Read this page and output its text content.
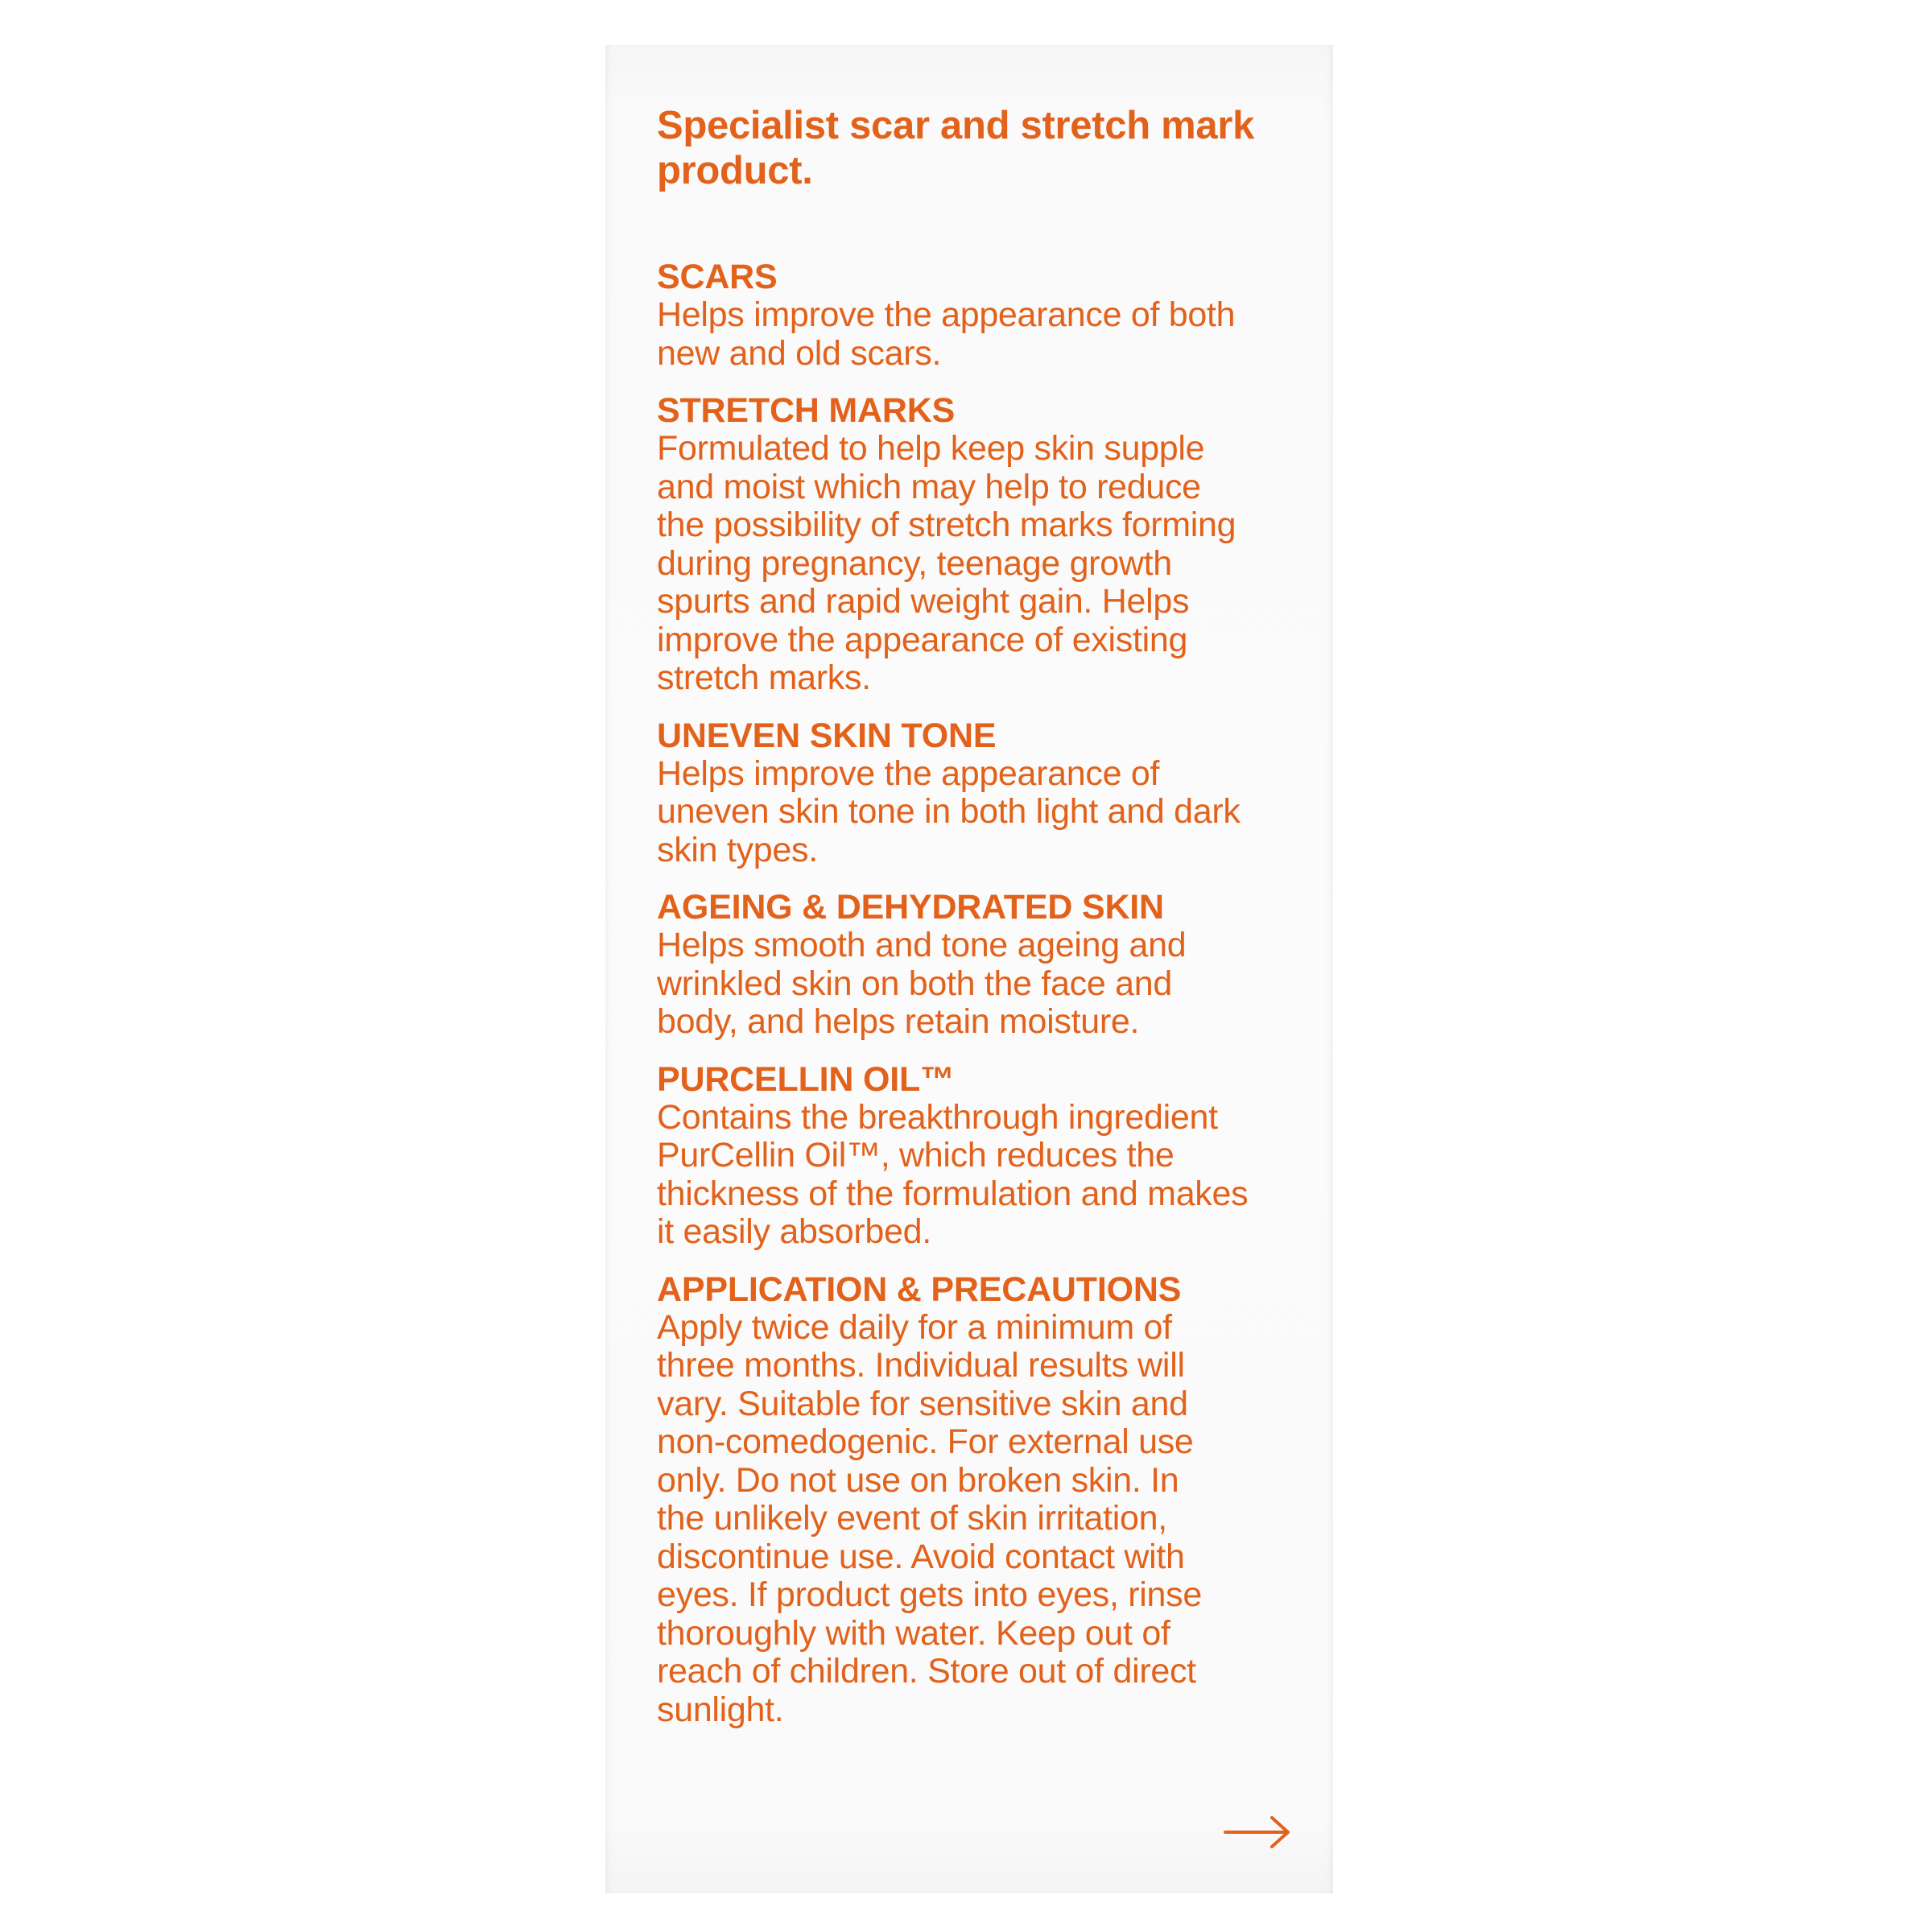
Specialist scar and stretch mark
product.
SCARS

Helps improve the appearance of both
new and old scars.

STRETCH MARKS

Formulated to help keep skin supple
and moist which may help to reduce
the possibility of stretch marks forming
during pregnancy, teenage growth
spurts and rapid weight gain. Helps
improve the appearance of existing
stretch marks.

UNEVEN SKIN TONE

Helps improve the appearance of
uneven skin tone in both light and dark
skin types.

AGEING & DEHYDRATED SKIN

Helps smooth and tone ageing and
wrinkled skin on both the face and
body, and helps retain moisture.

PURCELLIN OIL™

Contains the breakthrough ingredient
PurCellin Oil™, which reduces the
thickness of the formulation and makes
it easily absorbed.

APPLICATION & PRECAUTIONS

Apply twice daily for a minimum of
three months. Individual results will
vary. Suitable for sensitive skin and
non-comedogenic. For external use
only. Do not use on broken skin. In
the unlikely event of skin irritation,
discontinue use. Avoid contact with
eyes. If product gets into eyes, rinse
thoroughly with water. Keep out of
reach of children. Store out of direct
sunlight.
